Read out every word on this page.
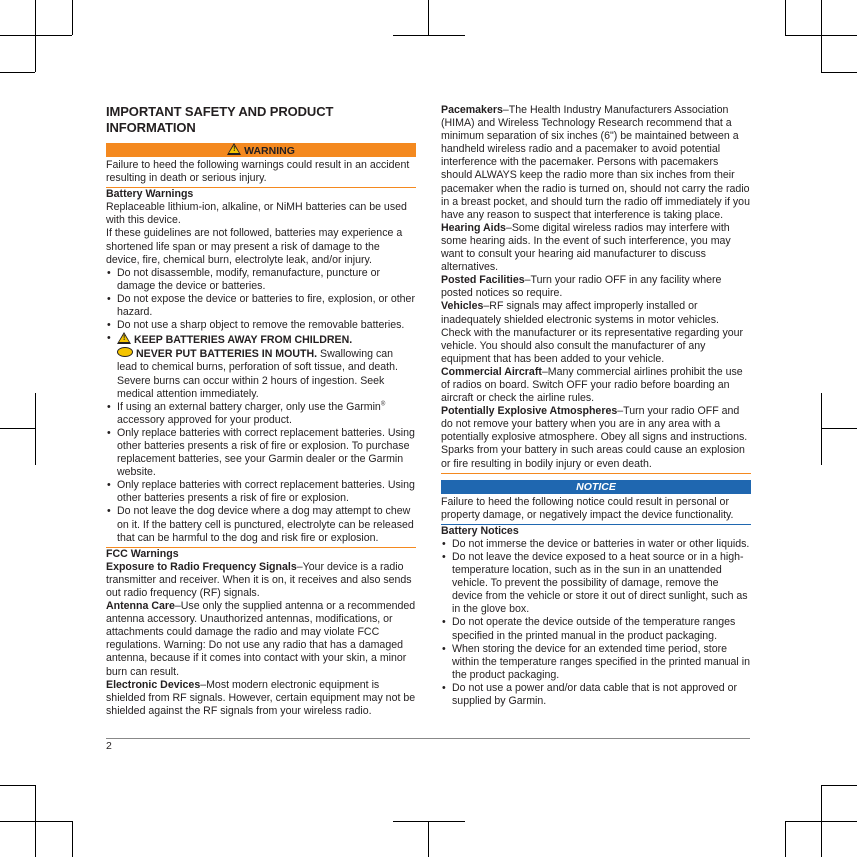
IMPORTANT SAFETY AND PRODUCT INFORMATION
! WARNING

Failure to heed the following warnings could result in an accident resulting in death or serious injury.

Battery Warnings

Replaceable lithium-ion, alkaline, or NiMH batteries can be used with this device.

If these guidelines are not followed, batteries may experience a shortened life span or may present a risk of damage to the device, fire, chemical burn, electrolyte leak, and/or injury.

• Do not disassemble, modify, remanufacture, puncture or damage the device or batteries.
• Do not expose the device or batteries to fire, explosion, or other hazard.
• Do not use a sharp object to remove the removable batteries.
• ! KEEP BATTERIES AWAY FROM CHILDREN.
NEVER PUT BATTERIES IN MOUTH. Swallowing can lead to chemical burns, perforation of soft tissue, and death. Severe burns can occur within 2 hours of ingestion. Seek medical attention immediately.
• If using an external battery charger, only use the Garmin® accessory approved for your product.
• Only replace batteries with correct replacement batteries. Using other batteries presents a risk of fire or explosion. To purchase replacement batteries, see your Garmin dealer or the Garmin website.
• Only replace batteries with correct replacement batteries. Using other batteries presents a risk of fire or explosion.
• Do not leave the dog device where a dog may attempt to chew on it. If the battery cell is punctured, electrolyte can be released that can be harmful to the dog and risk fire or explosion.

FCC Warnings

Exposure to Radio Frequency Signals–Your device is a radio transmitter and receiver. When it is on, it receives and also sends out radio frequency (RF) signals.

Antenna Care–Use only the supplied antenna or a recommended antenna accessory. Unauthorized antennas, modifications, or attachments could damage the radio and may violate FCC regulations. Warning: Do not use any radio that has a damaged antenna, because if it comes into contact with your skin, a minor burn can result.

Electronic Devices–Most modern electronic equipment is shielded from RF signals. However, certain equipment may not be shielded against the RF signals from your wireless radio.

Pacemakers–The Health Industry Manufacturers Association (HIMA) and Wireless Technology Research recommend that a minimum separation of six inches (6") be maintained between a handheld wireless radio and a pacemaker to avoid potential interference with the pacemaker. Persons with pacemakers should ALWAYS keep the radio more than six inches from their pacemaker when the radio is turned on, should not carry the radio in a breast pocket, and should turn the radio off immediately if you have any reason to suspect that interference is taking place.

Hearing Aids–Some digital wireless radios may interfere with some hearing aids. In the event of such interference, you may want to consult your hearing aid manufacturer to discuss alternatives.

Posted Facilities–Turn your radio OFF in any facility where posted notices so require.

Vehicles–RF signals may affect improperly installed or inadequately shielded electronic systems in motor vehicles. Check with the manufacturer or its representative regarding your vehicle. You should also consult the manufacturer of any equipment that has been added to your vehicle.

Commercial Aircraft–Many commercial airlines prohibit the use of radios on board. Switch OFF your radio before boarding an aircraft or check the airline rules.

Potentially Explosive Atmospheres–Turn your radio OFF and do not remove your battery when you are in any area with a potentially explosive atmosphere. Obey all signs and instructions. Sparks from your battery in such areas could cause an explosion or fire resulting in bodily injury or even death.

NOTICE

Failure to heed the following notice could result in personal or property damage, or negatively impact the device functionality.

Battery Notices

• Do not immerse the device or batteries in water or other liquids.
• Do not leave the device exposed to a heat source or in a high-temperature location, such as in the sun in an unattended vehicle. To prevent the possibility of damage, remove the device from the vehicle or store it out of direct sunlight, such as in the glove box.
• Do not operate the device outside of the temperature ranges specified in the printed manual in the product packaging.
• When storing the device for an extended time period, store within the temperature ranges specified in the printed manual in the product packaging.
• Do not use a power and/or data cable that is not approved or supplied by Garmin.
2
